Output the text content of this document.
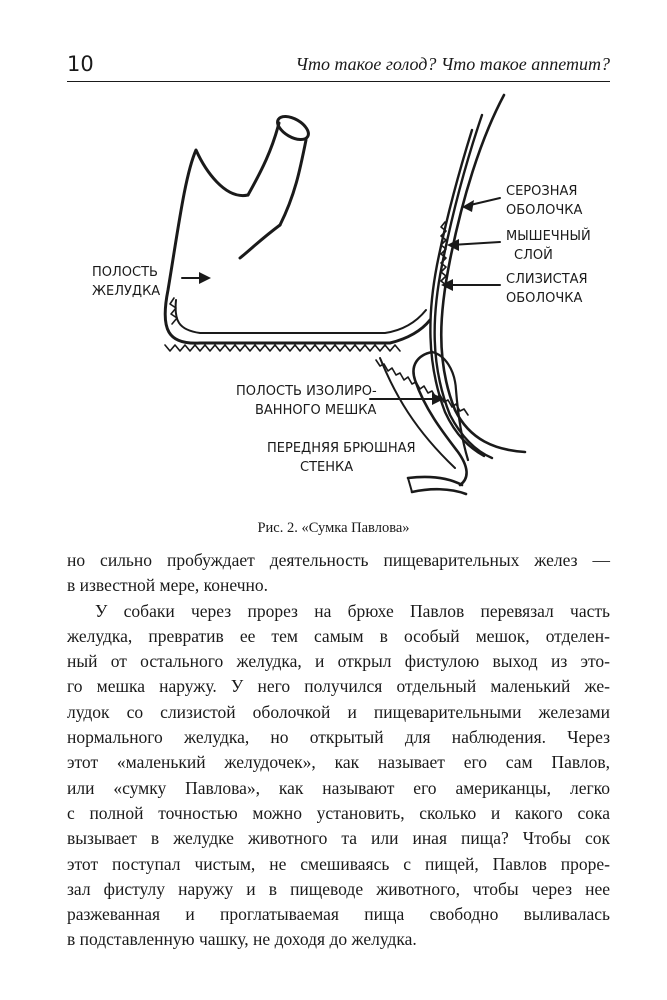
10	Что такое голод? Что такое аппетит?
СЕРОЗНАЯ
ОБОЛОЧКА
МЫШЕЧНЫЙ
СЛОЙ
СЛИЗИСТАЯ
ОБОЛОЧКА
ПОЛОСТЬ
ЖЕЛУДКА
ПОЛОСТЬ ИЗОЛИРО-
ВАННОГО МЕШКА
ПЕРЕДНЯЯ БРЮШНАЯ
СТЕНКА
Рис. 2. «Сумка Павлова»
но сильно пробуждает деятельность пищеварительных желез —
в известной мере, конечно.
У собаки через прорез на брюхе Павлов перевязал часть
желудка, превратив ее тем самым в особый мешок, отделен-
ный от остального желудка, и открыл фистулою выход из это-
го мешка наружу. У него получился отдельный маленький же-
лудок со слизистой оболочкой и пищеварительными железами
нормального желудка, но открытый для наблюдения. Через
этот «маленький желудочек», как называет его сам Павлов,
или «сумку Павлова», как называют его американцы, легко
с полной точностью можно установить, сколько и какого сока
вызывает в желудке животного та или иная пища? Чтобы сок
этот поступал чистым, не смешиваясь с пищей, Павлов проре-
зал фистулу наружу и в пищеводе животного, чтобы через нее
разжеванная и проглатываемая пища свободно выливалась
в подставленную чашку, не доходя до желудка.
